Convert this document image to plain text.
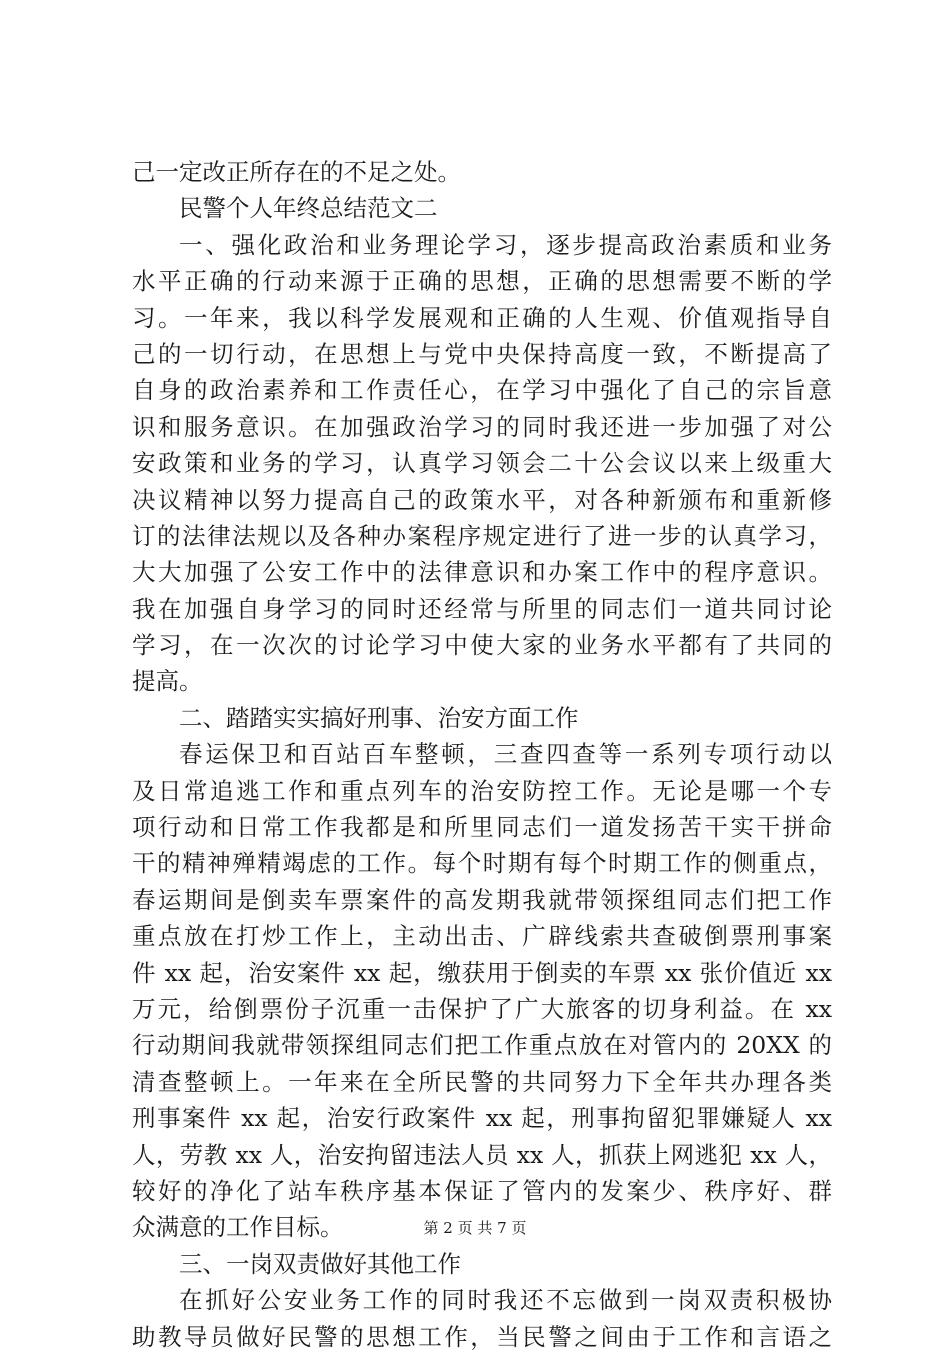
己一定改正所存在的不足之处。
民警个人年终总结范文二
一、强化政治和业务理论学习，逐步提高政治素质和业务
水平正确的行动来源于正确的思想，正确的思想需要不断的学
习。一年来，我以科学发展观和正确的人生观、价值观指导自
己的一切行动，在思想上与党中央保持高度一致，不断提高了
自身的政治素养和工作责任心，在学习中强化了自己的宗旨意
识和服务意识。在加强政治学习的同时我还进一步加强了对公
安政策和业务的学习，认真学习领会二十公会议以来上级重大
决议精神以努力提高自己的政策水平，对各种新颁布和重新修
订的法律法规以及各种办案程序规定进行了进一步的认真学习，
大大加强了公安工作中的法律意识和办案工作中的程序意识。
我在加强自身学习的同时还经常与所里的同志们一道共同讨论
学习，在一次次的讨论学习中使大家的业务水平都有了共同的
提高。
二、踏踏实实搞好刑事、治安方面工作
春运保卫和百站百车整顿，三查四查等一系列专项行动以
及日常追逃工作和重点列车的治安防控工作。无论是哪一个专
项行动和日常工作我都是和所里同志们一道发扬苦干实干拼命
干的精神殚精竭虑的工作。每个时期有每个时期工作的侧重点，
春运期间是倒卖车票案件的高发期我就带领探组同志们把工作
重点放在打炒工作上，主动出击、广辟线索共查破倒票刑事案
件 xx 起，治安案件 xx 起，缴获用于倒卖的车票 xx 张价值近 xx
万元，给倒票份子沉重一击保护了广大旅客的切身利益。在 xx
行动期间我就带领探组同志们把工作重点放在对管内的 20XX 的
清查整顿上。一年来在全所民警的共同努力下全年共办理各类
刑事案件 xx 起，治安行政案件 xx 起，刑事拘留犯罪嫌疑人 xx
人，劳教 xx 人，治安拘留违法人员 xx 人，抓获上网逃犯 xx 人，
较好的净化了站车秩序基本保证了管内的发案少、秩序好、群
众满意的工作目标。
三、一岗双责做好其他工作
在抓好公安业务工作的同时我还不忘做到一岗双责积极协
助教导员做好民警的思想工作，当民警之间由于工作和言语之
第 2 页 共 7 页
